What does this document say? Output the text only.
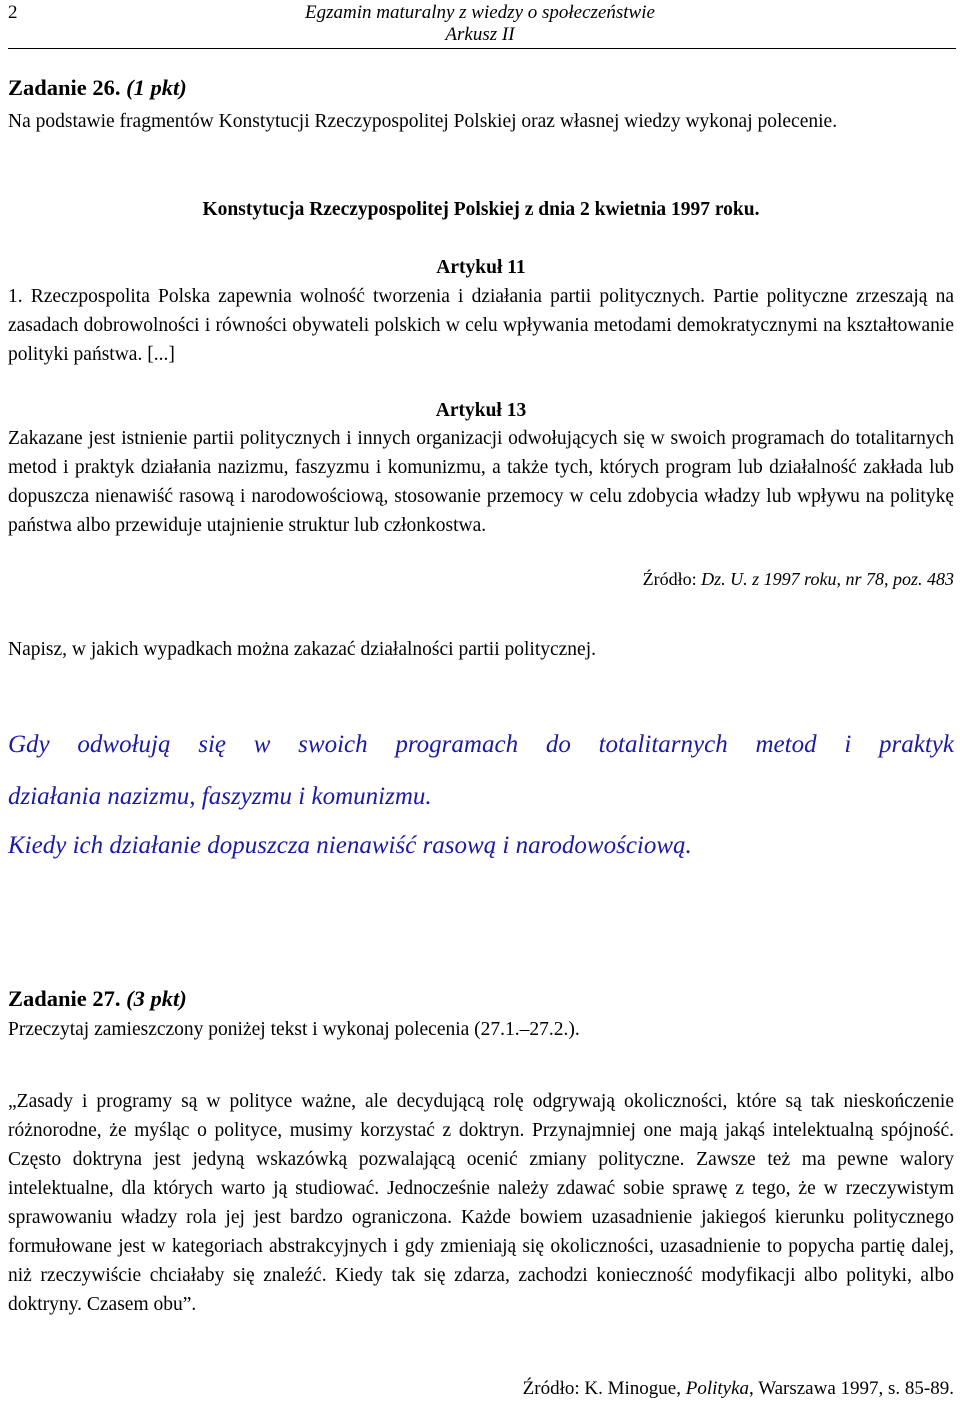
2	Egzamin maturalny z wiedzy o społeczeństwie
Arkusz II
Zadanie 26. (1 pkt)
Na podstawie fragmentów Konstytucji Rzeczypospolitej Polskiej oraz własnej wiedzy wykonaj polecenie.
Konstytucja Rzeczypospolitej Polskiej z dnia 2 kwietnia 1997 roku.
Artykuł 11
1. Rzeczpospolita Polska zapewnia wolność tworzenia i działania partii politycznych. Partie polityczne zrzeszają na zasadach dobrowolności i równości obywateli polskich w celu wpływania metodami demokratycznymi na kształtowanie polityki państwa. [...]
Artykuł 13
Zakazane jest istnienie partii politycznych i innych organizacji odwołujących się w swoich programach do totalitarnych metod i praktyk działania nazizmu, faszyzmu i komunizmu, a także tych, których program lub działalność zakłada lub dopuszcza nienawiść rasową i narodowościową, stosowanie przemocy w celu zdobycia władzy lub wpływu na politykę państwa albo przewiduje utajnienie struktur lub członkostwa.
Źródło: Dz. U. z 1997 roku, nr 78, poz. 483
Napisz, w jakich wypadkach można zakazać działalności partii politycznej.
Gdy odwołują się w swoich programach do totalitarnych metod i praktyk
działania nazizmu, faszyzmu i komunizmu.
Kiedy ich działanie dopuszcza nienawiść rasową i narodowościową.
Zadanie 27. (3 pkt)
Przeczytaj zamieszczony poniżej tekst i wykonaj polecenia (27.1.–27.2.).
„Zasady i programy są w polityce ważne, ale decydującą rolę odgrywają okoliczności, które są tak nieskończenie różnorodne, że myśląc o polityce, musimy korzystać z doktryn. Przynajmniej one mają jakąś intelektualną spójność. Często doktryna jest jedyną wskazówką pozwalającą ocenić zmiany polityczne. Zawsze też ma pewne walory intelektualne, dla których warto ją studiować. Jednocześnie należy zdawać sobie sprawę z tego, że w rzeczywistym sprawowaniu władzy rola jej jest bardzo ograniczona. Każde bowiem uzasadnienie jakiegoś kierunku politycznego formułowane jest w kategoriach abstrakcyjnych i gdy zmieniają się okoliczności, uzasadnienie to popycha partię dalej, niż rzeczywiście chciałaby się znaleźć. Kiedy tak się zdarza, zachodzi konieczność modyfikacji albo polityki, albo doktryny. Czasem obu”.
Źródło: K. Minogue, Polityka, Warszawa 1997, s. 85-89.
